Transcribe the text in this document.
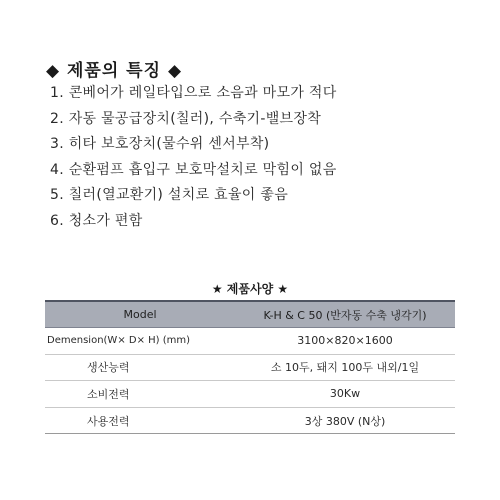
◆ 제품의 특징 ◆
1. 콘베어가 레일타입으로 소음과 마모가 적다
2. 자동 물공급장치(칠러), 수축기-밸브장착
3. 히타 보호장치(물수위 센서부착)
4. 순환펌프 흡입구 보호막설치로 막힘이 없음
5. 칠러(열교환기) 설치로 효율이 좋음
6. 청소가 편함
★ 제품사양 ★
Model	K-H & C 50 (반자동 수축 냉각기)
Demension(W× D× H) (mm)	3100×820×1600
생산능력	소 10두, 돼지 100두 내외/1일
소비전력	30Kw
사용전력	3상 380V (N상)
